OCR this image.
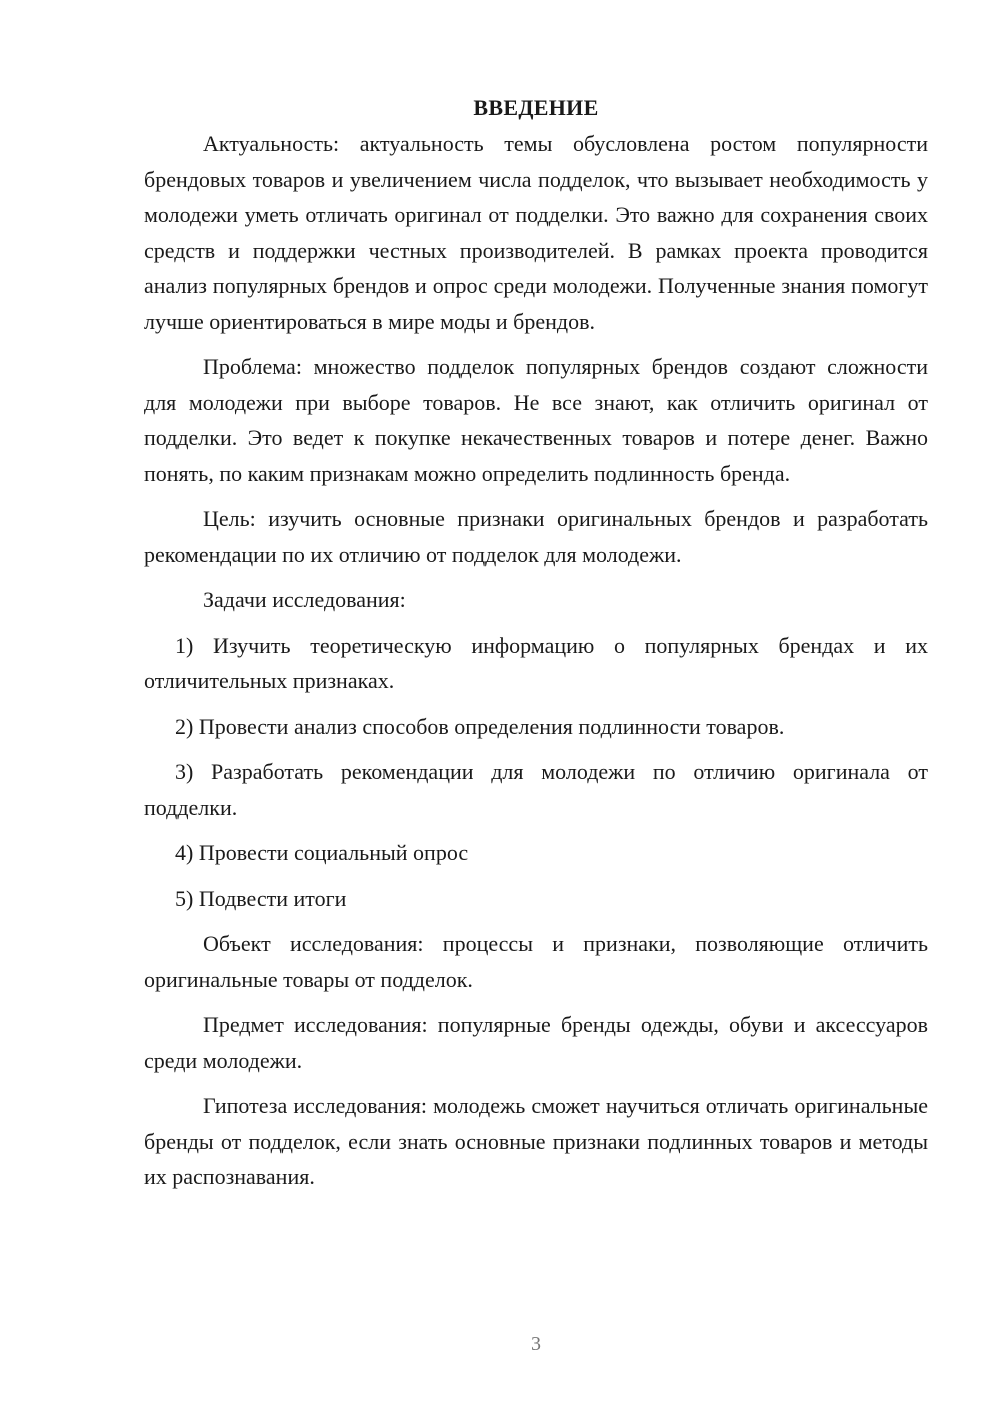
ВВЕДЕНИЕ

Актуальность: актуальность темы обусловлена ростом популярности брендовых товаров и увеличением числа подделок, что вызывает необходимость у молодежи уметь отличать оригинал от подделки. Это важно для сохранения своих средств и поддержки честных производителей. В рамках проекта проводится анализ популярных брендов и опрос среди молодежи. Полученные знания помогут лучше ориентироваться в мире моды и брендов.

Проблема: множество подделок популярных брендов создают сложности для молодежи при выборе товаров. Не все знают, как отличить оригинал от подделки. Это ведет к покупке некачественных товаров и потере денег. Важно понять, по каким признакам можно определить подлинность бренда.

Цель: изучить основные признаки оригинальных брендов и разработать рекомендации по их отличию от подделок для молодежи.

Задачи исследования:

1) Изучить теоретическую информацию о популярных брендах и их отличительных признаках.

2) Провести анализ способов определения подлинности товаров.

3) Разработать рекомендации для молодежи по отличию оригинала от подделки.

4) Провести социальный опрос

5) Подвести итоги

Объект исследования: процессы и признаки, позволяющие отличить оригинальные товары от подделок.

Предмет исследования: популярные бренды одежды, обуви и аксессуаров среди молодежи.

Гипотеза исследования: молодежь сможет научиться отличать оригинальные бренды от подделок, если знать основные признаки подлинных товаров и методы их распознавания.

3
